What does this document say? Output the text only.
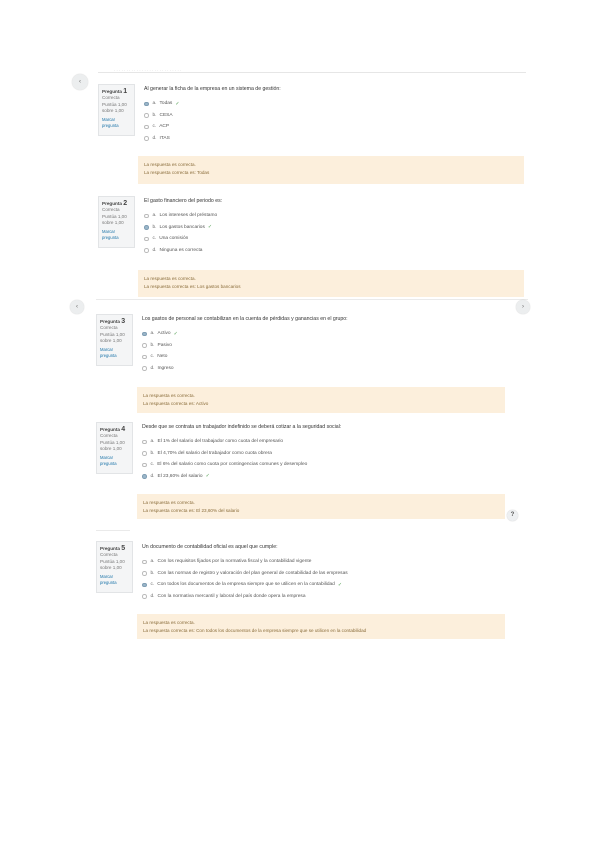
‹
· · · · · · · · · · · · · · · · · · · · · · · · · · ·
‹	›
?
Pregunta 1
Correcta
Puntúa 1,00 sobre 1,00
Marcar pregunta
Al generar la ficha de la empresa en un sistema de gestión:
a. Todas ✓
b. CESA
c. ACP
d. ITAS
La respuesta es correcta.
La respuesta correcta es: Todas
Pregunta 2
Correcta
Puntúa 1,00 sobre 1,00
Marcar pregunta
El gasto financiero del periodo es:
a. Los intereses del préstamo
b. Los gastos bancarios ✓
c. Una comisión
d. Ninguna es correcta
La respuesta es correcta.
La respuesta correcta es: Los gastos bancarios
Pregunta 3
Correcta
Puntúa 1,00 sobre 1,00
Marcar pregunta
Los gastos de personal se contabilizan en la cuenta de pérdidas y ganancias en el grupo:
a. Activo ✓
b. Pasivo
c. Neto
d. Ingreso
La respuesta es correcta.
La respuesta correcta es: Activo
Pregunta 4
Correcta
Puntúa 1,00 sobre 1,00
Marcar pregunta
Desde que se contrata un trabajador indefinido se deberá cotizar a la seguridad social:
a. El 1% del salario del trabajador como cuota del empresario
b. El 4,70% del salario del trabajador como cuota obrera
c. El 6% del salario como cuota por contingencias comunes y desempleo
d. El 23,60% del salario ✓
La respuesta es correcta.
La respuesta correcta es: El 23,60% del salario
Pregunta 5
Correcta
Puntúa 1,00 sobre 1,00
Marcar pregunta
Un documento de contabilidad oficial es aquel que cumple:
a. Con los requisitos fijados por la normativa fiscal y la contabilidad vigente
b. Con las normas de registro y valoración del plan general de contabilidad de las empresas
c. Con todos los documentos de la empresa siempre que se utilicen en la contabilidad ✓
d. Con la normativa mercantil y laboral del país donde opera la empresa
La respuesta es correcta.
La respuesta correcta es: Con todos los documentos de la empresa siempre que se utilicen en la contabilidad
